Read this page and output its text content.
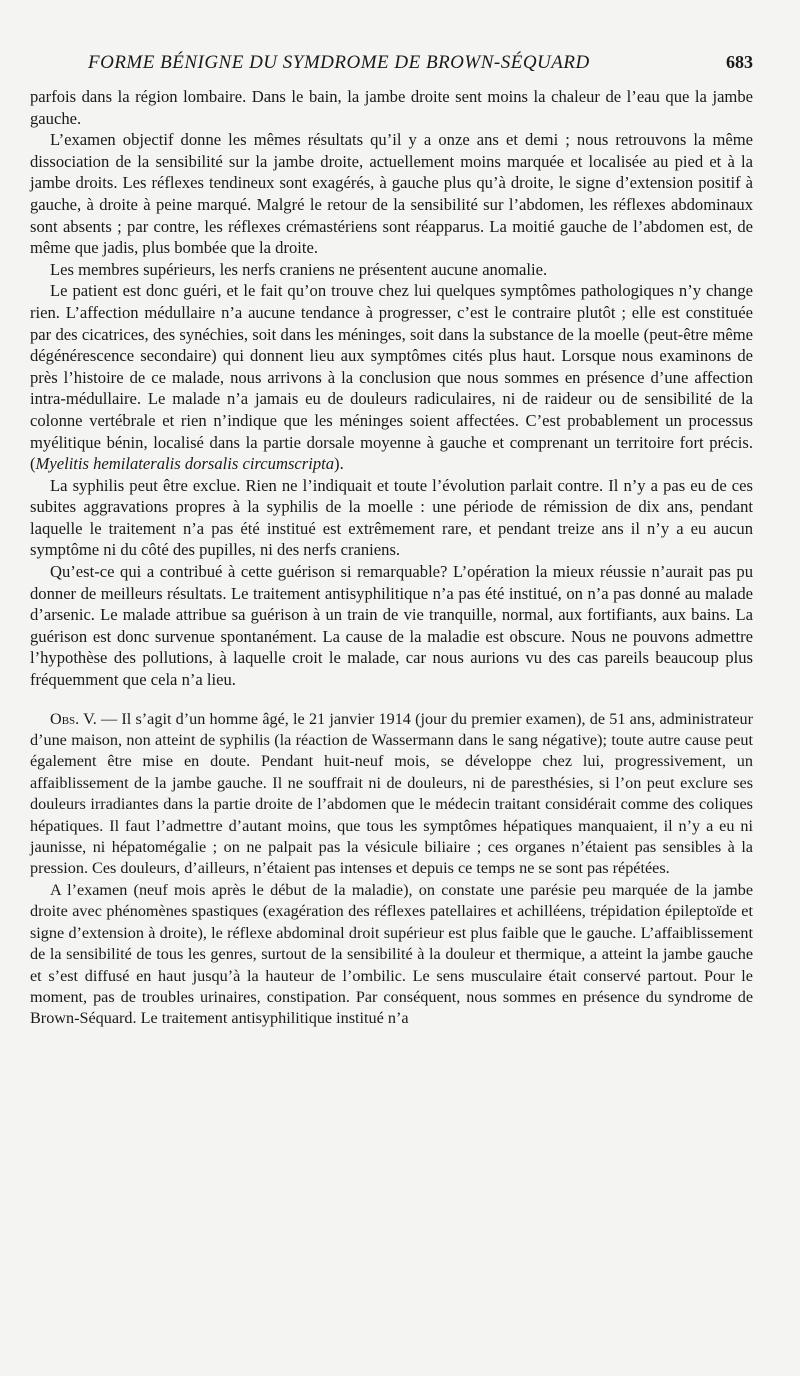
FORME BÉNIGNE DU SYMDROME DE BROWN-SÉQUARD	683

parfois dans la région lombaire. Dans le bain, la jambe droite sent moins la chaleur de l’eau que la jambe gauche.

L’examen objectif donne les mêmes résultats qu’il y a onze ans et demi ; nous retrouvons la même dissociation de la sensibilité sur la jambe droite, actuellement moins marquée et localisée au pied et à la jambe droits. Les réflexes tendineux sont exagérés, à gauche plus qu’à droite, le signe d’extension positif à gauche, à droite à peine marqué. Malgré le retour de la sensibilité sur l’abdomen, les réflexes abdominaux sont absents ; par contre, les réflexes crémastériens sont réapparus. La moitié gauche de l’abdomen est, de même que jadis, plus bombée que la droite.

Les membres supérieurs, les nerfs craniens ne présentent aucune anomalie.

Le patient est donc guéri, et le fait qu’on trouve chez lui quelques symptômes pathologiques n’y change rien. L’affection médullaire n’a aucune tendance à progresser, c’est le contraire plutôt ; elle est constituée par des cicatrices, des synéchies, soit dans les méninges, soit dans la substance de la moelle (peut-être même dégénérescence secondaire) qui donnent lieu aux symptômes cités plus haut. Lorsque nous examinons de près l’histoire de ce malade, nous arrivons à la conclusion que nous sommes en présence d’une affection intra-médullaire. Le malade n’a jamais eu de douleurs radiculaires, ni de raideur ou de sensibilité de la colonne vertébrale et rien n’indique que les méninges soient affectées. C’est probablement un processus myélitique bénin, localisé dans la partie dorsale moyenne à gauche et comprenant un territoire fort précis. (Myelitis hemilateralis dorsalis circumscripta).

La syphilis peut être exclue. Rien ne l’indiquait et toute l’évolution parlait contre. Il n’y a pas eu de ces subites aggravations propres à la syphilis de la moelle : une période de rémission de dix ans, pendant laquelle le traitement n’a pas été institué est extrêmement rare, et pendant treize ans il n’y a eu aucun symptôme ni du côté des pupilles, ni des nerfs craniens.

Qu’est-ce qui a contribué à cette guérison si remarquable? L’opération la mieux réussie n’aurait pas pu donner de meilleurs résultats. Le traitement antisyphilitique n’a pas été institué, on n’a pas donné au malade d’arsenic. Le malade attribue sa guérison à un train de vie tranquille, normal, aux fortifiants, aux bains. La guérison est donc survenue spontanément. La cause de la maladie est obscure. Nous ne pouvons admettre l’hypothèse des pollutions, à laquelle croit le malade, car nous aurions vu des cas pareils beaucoup plus fréquemment que cela n’a lieu.

Obs. V. — Il s’agit d’un homme âgé, le 21 janvier 1914 (jour du premier examen), de 51 ans, administrateur d’une maison, non atteint de syphilis (la réaction de Wassermann dans le sang négative); toute autre cause peut également être mise en doute. Pendant huit-neuf mois, se développe chez lui, progressivement, un affaiblissement de la jambe gauche. Il ne souffrait ni de douleurs, ni de paresthésies, si l’on peut exclure ses douleurs irradiantes dans la partie droite de l’abdomen que le médecin traitant considérait comme des coliques hépatiques. Il faut l’admettre d’autant moins, que tous les symptômes hépatiques manquaient, il n’y a eu ni jaunisse, ni hépatomégalie ; on ne palpait pas la vésicule biliaire ; ces organes n’étaient pas sensibles à la pression. Ces douleurs, d’ailleurs, n’étaient pas intenses et depuis ce temps ne se sont pas répétées.

A l’examen (neuf mois après le début de la maladie), on constate une parésie peu marquée de la jambe droite avec phénomènes spastiques (exagération des réflexes patellaires et achilléens, trépidation épileptoïde et signe d’extension à droite), le réflexe abdominal droit supérieur est plus faible que le gauche. L’affaiblissement de la sensibilité de tous les genres, surtout de la sensibilité à la douleur et thermique, a atteint la jambe gauche et s’est diffusé en haut jusqu’à la hauteur de l’ombilic. Le sens musculaire était conservé partout. Pour le moment, pas de troubles urinaires, constipation. Par conséquent, nous sommes en présence du syndrome de Brown-Séquard. Le traitement antisyphilitique institué n’a
